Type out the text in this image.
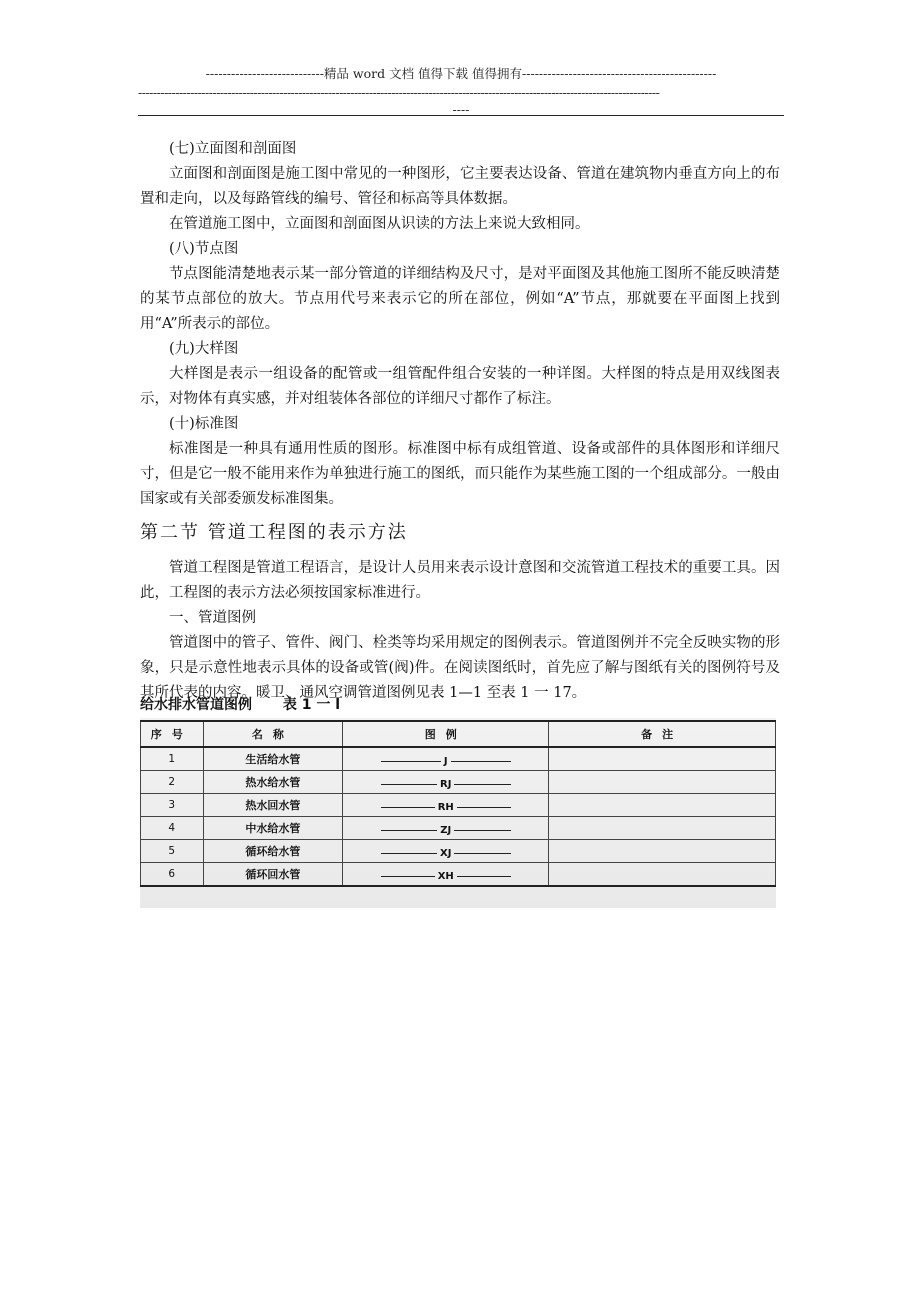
----------------------------精品 word 文档 值得下载 值得拥有----------------------------------------------
--------------------------------------------------------------------------------------------------------------------------------------------
----

(七)立面图和剖面图

立面图和剖面图是施工图中常见的一种图形，它主要表达设备、管道在建筑物内垂直方向上的布置和走向，以及每路管线的编号、管径和标高等具体数据。

在管道施工图中，立面图和剖面图从识读的方法上来说大致相同。

(八)节点图

节点图能清楚地表示某一部分管道的详细结构及尺寸，是对平面图及其他施工图所不能反映清楚的某节点部位的放大。节点用代号来表示它的所在部位，例如“A”节点，那就要在平面图上找到用“A”所表示的部位。

(九)大样图

大样图是表示一组设备的配管或一组管配件组合安装的一种详图。大样图的特点是用双线图表示，对物体有真实感，并对组装体各部位的详细尺寸都作了标注。

(十)标准图

标准图是一种具有通用性质的图形。标准图中标有成组管道、设备或部件的具体图形和详细尺寸，但是它一般不能用来作为单独进行施工的图纸，而只能作为某些施工图的一个组成部分。一般由国家或有关部委颁发标准图集。

第二节 管道工程图的表示方法

管道工程图是管道工程语言，是设计人员用来表示设计意图和交流管道工程技术的重要工具。因此，工程图的表示方法必须按国家标准进行。

一、管道图例

管道图中的管子、管件、阀门、栓类等均采用规定的图例表示。管道图例并不完全反映实物的形象，只是示意性地表示具体的设备或管(阀)件。在阅读图纸时，首先应了解与图纸有关的图例符号及其所代表的内容。暖卫、通风空调管道图例见表 1—1 至表 1 一 17。

给水排水管道图例 表 1 一 l
序号	名称	图例	备注
1	生活给水管	J	

2	热水给水管	RJ	

3	热水回水管	RH	

4	中水给水管	ZJ	

5	循环给水管	XJ	

6	循环回水管	XH	
